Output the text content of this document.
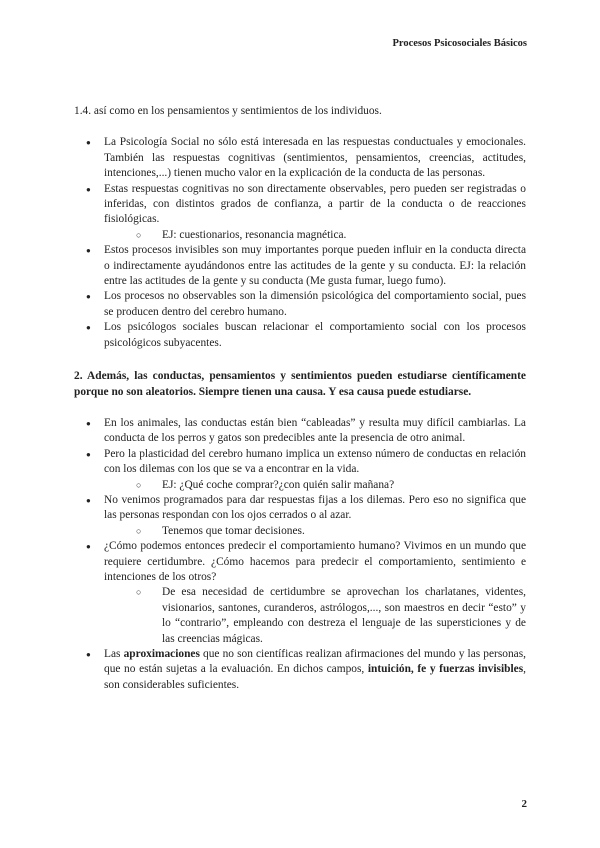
Procesos Psicosociales Básicos

1.4. así como en los pensamientos y sentimientos de los individuos.

● La Psicología Social no sólo está interesada en las respuestas conductuales y emocionales. También las respuestas cognitivas (sentimientos, pensamientos, creencias, actitudes, intenciones,...) tienen mucho valor en la explicación de la conducta de las personas.
● Estas respuestas cognitivas no son directamente observables, pero pueden ser registradas o inferidas, con distintos grados de confianza, a partir de la conducta o de reacciones fisiológicas.
○ EJ: cuestionarios, resonancia magnética.
● Estos procesos invisibles son muy importantes porque pueden influir en la conducta directa o indirectamente ayudándonos entre las actitudes de la gente y su conducta. EJ: la relación entre las actitudes de la gente y su conducta (Me gusta fumar, luego fumo).
● Los procesos no observables son la dimensión psicológica del comportamiento social, pues se producen dentro del cerebro humano.
● Los psicólogos sociales buscan relacionar el comportamiento social con los procesos psicológicos subyacentes.

2. Además, las conductas, pensamientos y sentimientos pueden estudiarse científicamente porque no son aleatorios. Siempre tienen una causa. Y esa causa puede estudiarse.

● En los animales, las conductas están bien “cableadas” y resulta muy difícil cambiarlas. La conducta de los perros y gatos son predecibles ante la presencia de otro animal.
● Pero la plasticidad del cerebro humano implica un extenso número de conductas en relación con los dilemas con los que se va a encontrar en la vida.
○ EJ: ¿Qué coche comprar?¿con quién salir mañana?
● No venimos programados para dar respuestas fijas a los dilemas. Pero eso no significa que las personas respondan con los ojos cerrados o al azar.
○ Tenemos que tomar decisiones.
● ¿Cómo podemos entonces predecir el comportamiento humano? Vivimos en un mundo que requiere certidumbre. ¿Cómo hacemos para predecir el comportamiento, sentimiento e intenciones de los otros?
○ De esa necesidad de certidumbre se aprovechan los charlatanes, videntes, visionarios, santones, curanderos, astrólogos,..., son maestros en decir “esto” y lo “contrario”, empleando con destreza el lenguaje de las supersticiones y de las creencias mágicas.
● Las aproximaciones que no son científicas realizan afirmaciones del mundo y las personas, que no están sujetas a la evaluación. En dichos campos, intuición, fe y fuerzas invisibles, son considerables suficientes.
2
